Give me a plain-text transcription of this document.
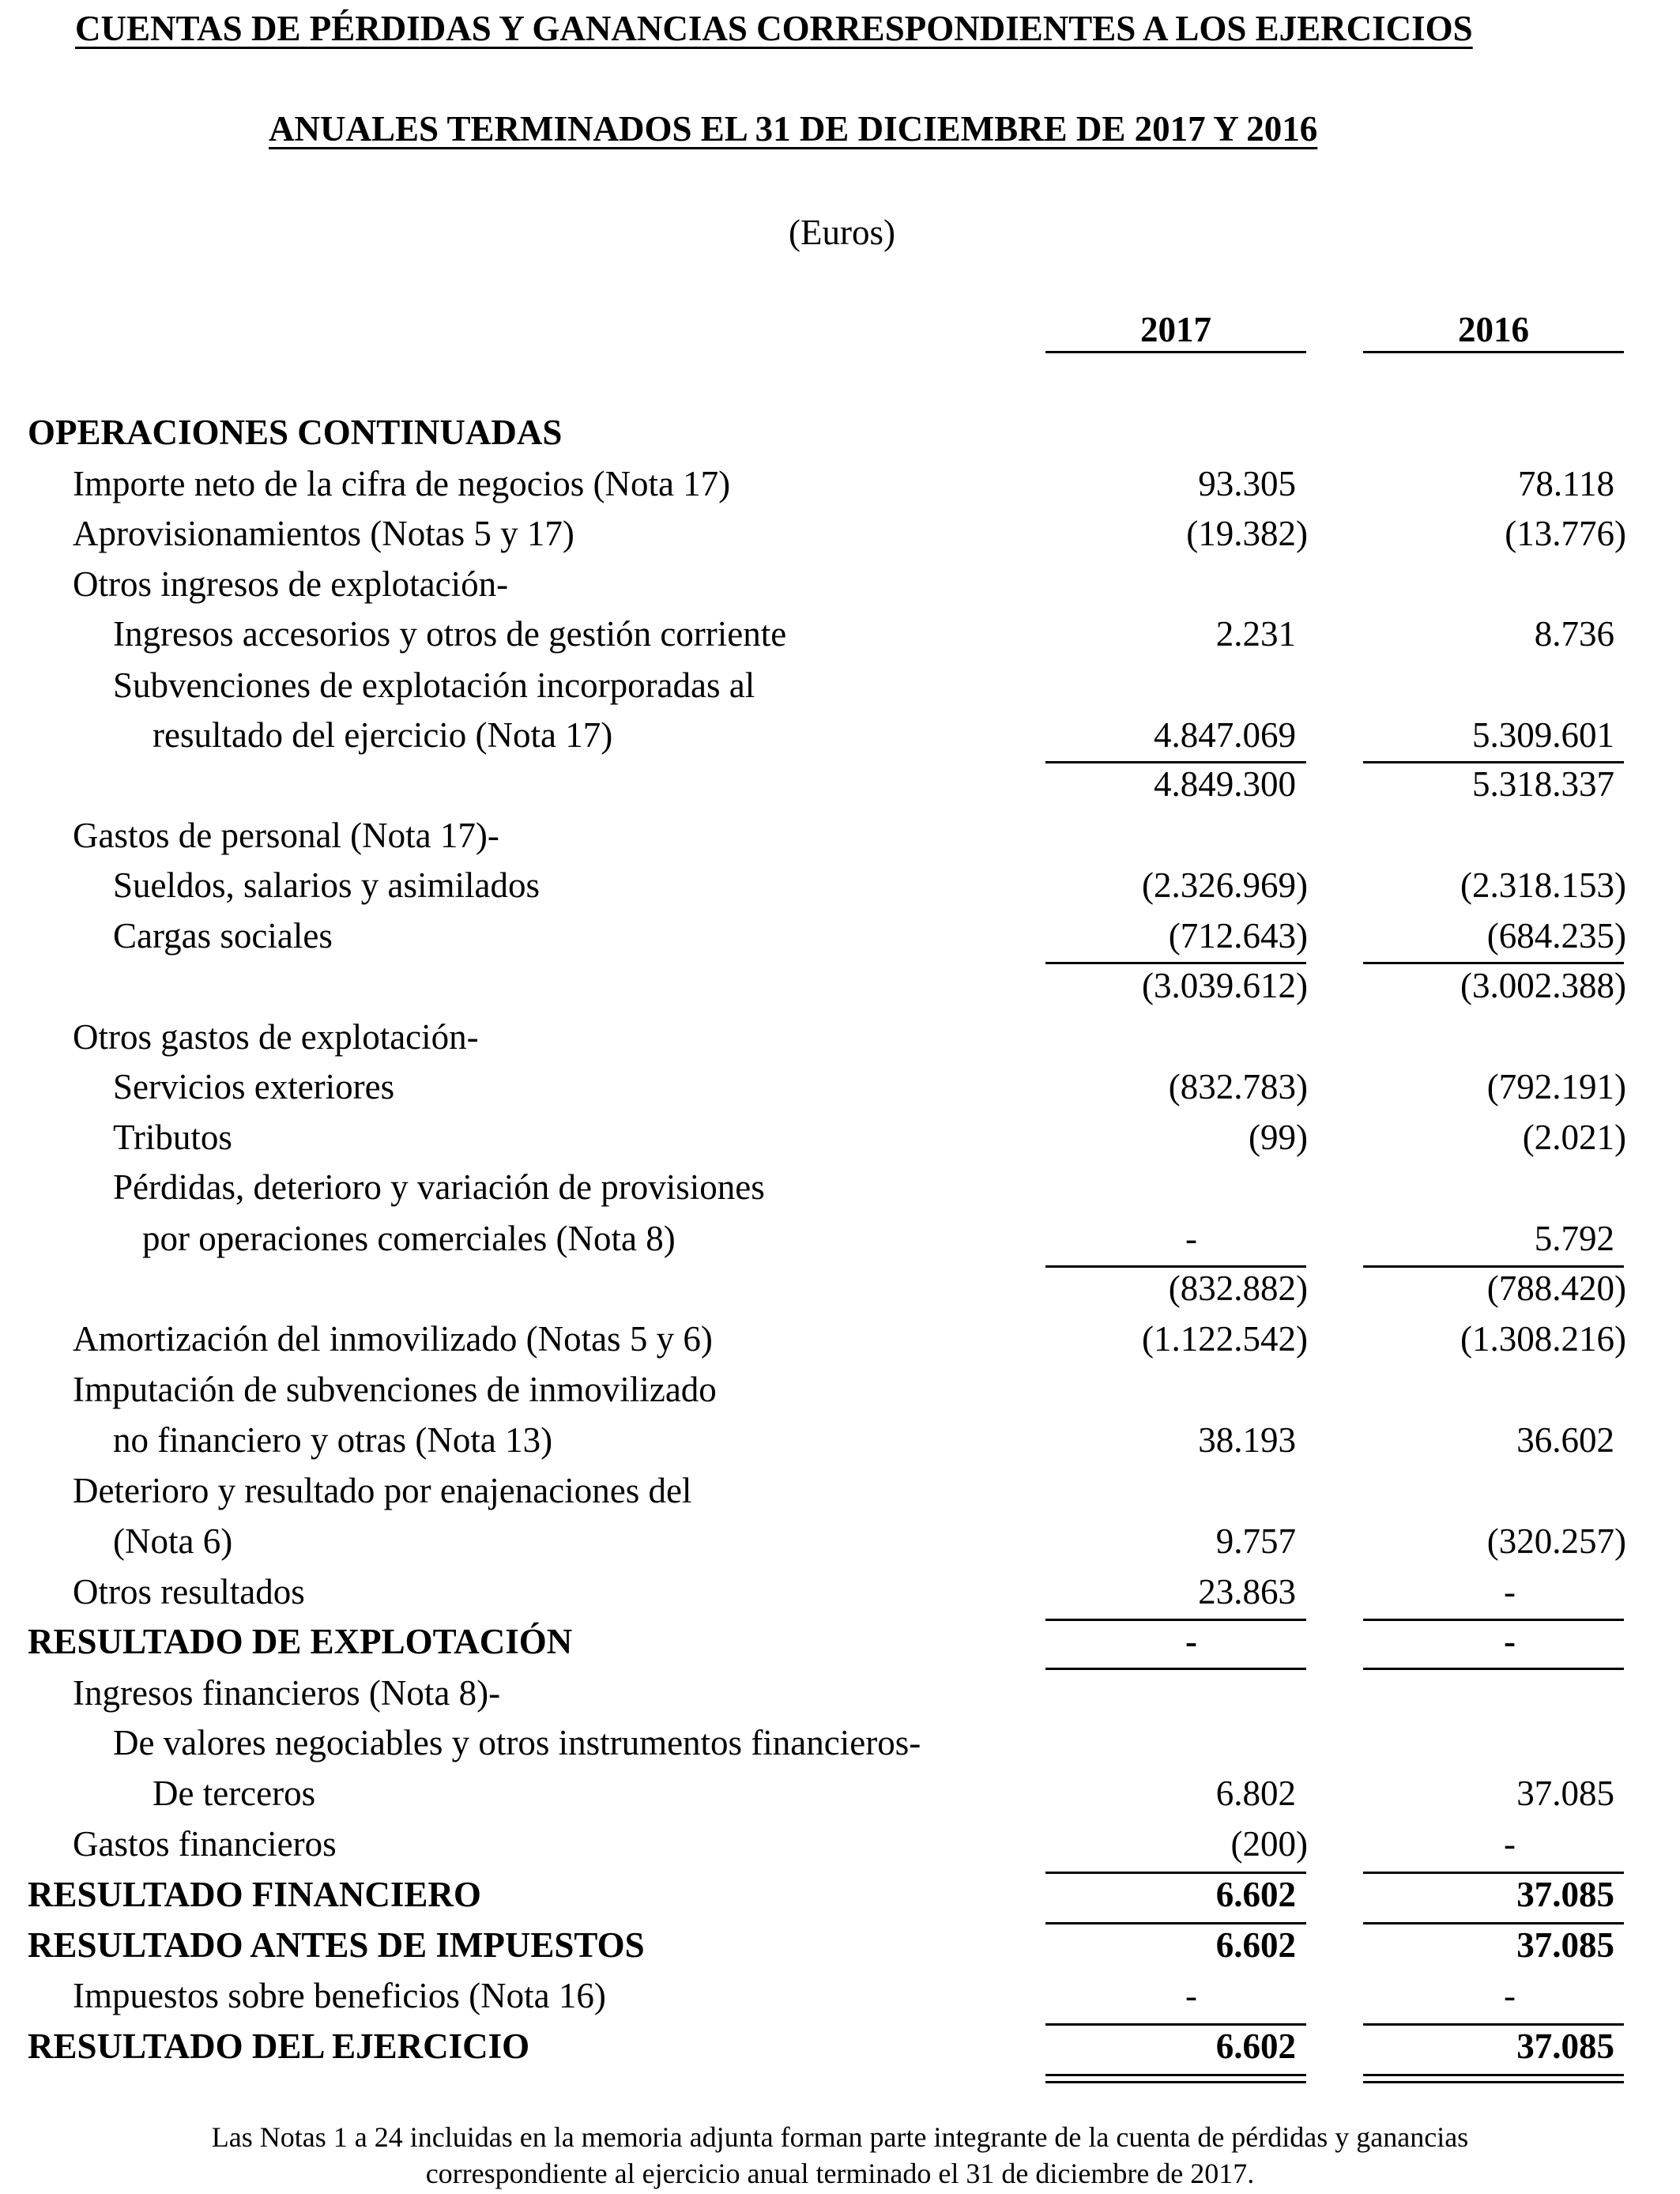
CUENTAS DE PÉRDIDAS Y GANANCIAS CORRESPONDIENTES A LOS EJERCICIOS
ANUALES TERMINADOS EL 31 DE DICIEMBRE DE 2017 Y 2016
(Euros)
2017	2016
OPERACIONES CONTINUADAS
Importe neto de la cifra de negocios (Nota 17)	93.305	78.118
Aprovisionamientos (Notas 5 y 17)	(19.382)	(13.776)
Otros ingresos de explotación-
Ingresos accesorios y otros de gestión corriente	2.231	8.736
Subvenciones de explotación incorporadas al
resultado del ejercicio (Nota 17)	4.847.069	5.309.601
4.849.300	5.318.337
Gastos de personal (Nota 17)-
Sueldos, salarios y asimilados	(2.326.969)	(2.318.153)
Cargas sociales	(712.643)	(684.235)
(3.039.612)	(3.002.388)
Otros gastos de explotación-
Servicios exteriores	(832.783)	(792.191)
Tributos	(99)	(2.021)
Pérdidas, deterioro y variación de provisiones
por operaciones comerciales (Nota 8)	-	5.792
(832.882)	(788.420)
Amortización del inmovilizado (Notas 5 y 6)	(1.122.542)	(1.308.216)
Imputación de subvenciones de inmovilizado
no financiero y otras (Nota 13)	38.193	36.602
Deterioro y resultado por enajenaciones del
(Nota 6)	9.757	(320.257)
Otros resultados	23.863	-
RESULTADO DE EXPLOTACIÓN	-	-
Ingresos financieros (Nota 8)-
De valores negociables y otros instrumentos financieros-
De terceros	6.802	37.085
Gastos financieros	(200)	-
RESULTADO FINANCIERO	6.602	37.085
RESULTADO ANTES DE IMPUESTOS	6.602	37.085
Impuestos sobre beneficios (Nota 16)	-	-
RESULTADO DEL EJERCICIO	6.602	37.085
Las Notas 1 a 24 incluidas en la memoria adjunta forman parte integrante de la cuenta de pérdidas y ganancias
correspondiente al ejercicio anual terminado el 31 de diciembre de 2017.
